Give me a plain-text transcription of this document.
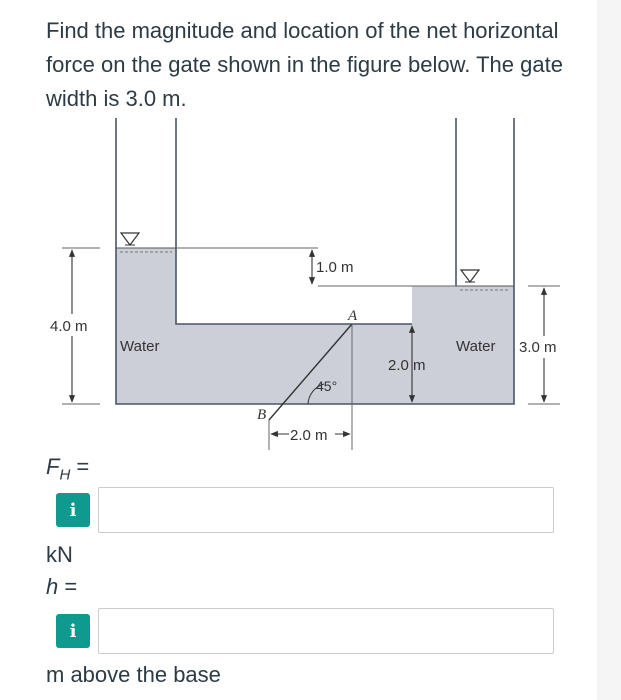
Find the magnitude and location of the net horizontal force on the gate shown in the figure below. The gate width is 3.0 m.
4.0 m
1.0 m
Water	Water 3.0 m
2.0 m
A
B
45°
2.0 m
$F_H$ =
i
kN
h =
i
m above the base
